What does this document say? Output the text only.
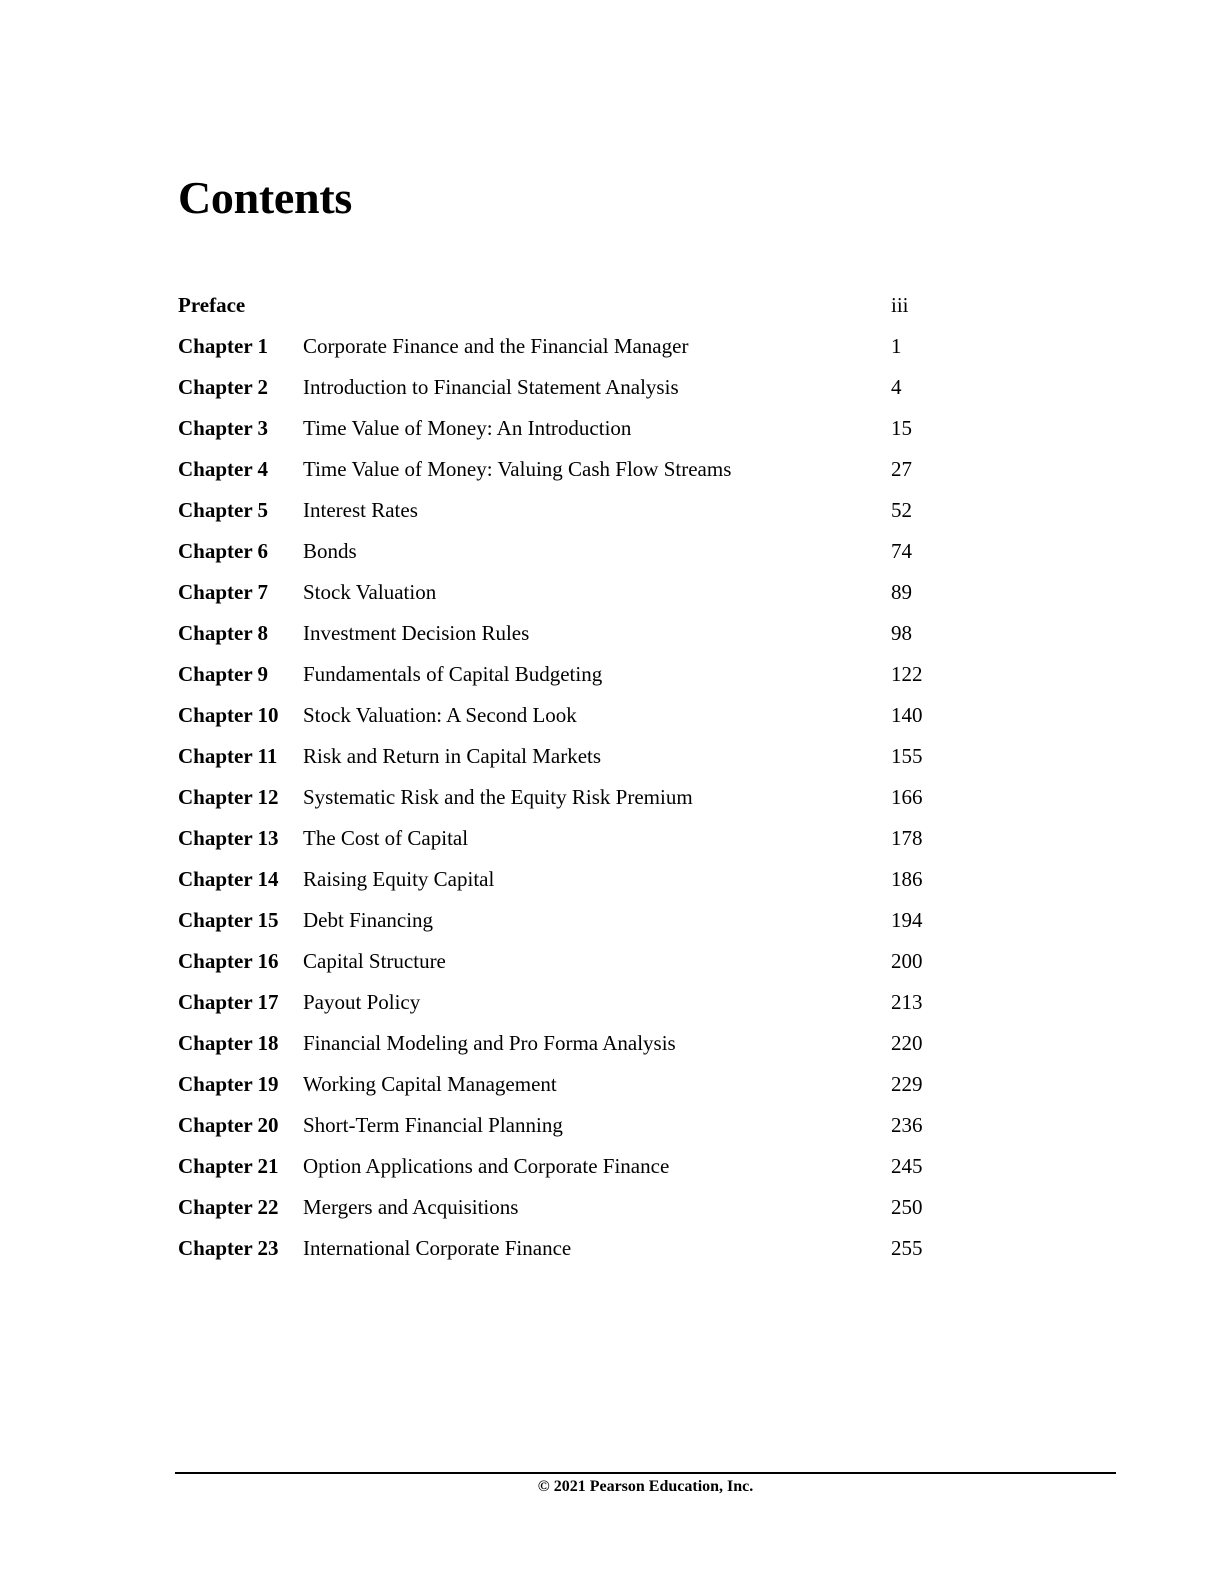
Contents
Preface	iii
Chapter 1 Corporate Finance and the Financial Manager	1
Chapter 2 Introduction to Financial Statement Analysis	4
Chapter 3 Time Value of Money: An Introduction	15
Chapter 4 Time Value of Money: Valuing Cash Flow Streams	27
Chapter 5 Interest Rates	52
Chapter 6 Bonds	74
Chapter 7 Stock Valuation	89
Chapter 8 Investment Decision Rules	98
Chapter 9 Fundamentals of Capital Budgeting	122
Chapter 10 Stock Valuation: A Second Look	140
Chapter 11 Risk and Return in Capital Markets	155
Chapter 12 Systematic Risk and the Equity Risk Premium	166
Chapter 13 The Cost of Capital	178
Chapter 14 Raising Equity Capital	186
Chapter 15 Debt Financing	194
Chapter 16 Capital Structure	200
Chapter 17 Payout Policy	213
Chapter 18 Financial Modeling and Pro Forma Analysis	220
Chapter 19 Working Capital Management	229
Chapter 20 Short-Term Financial Planning	236
Chapter 21 Option Applications and Corporate Finance	245
Chapter 22 Mergers and Acquisitions	250
Chapter 23 International Corporate Finance	255
© 2021 Pearson Education, Inc.
